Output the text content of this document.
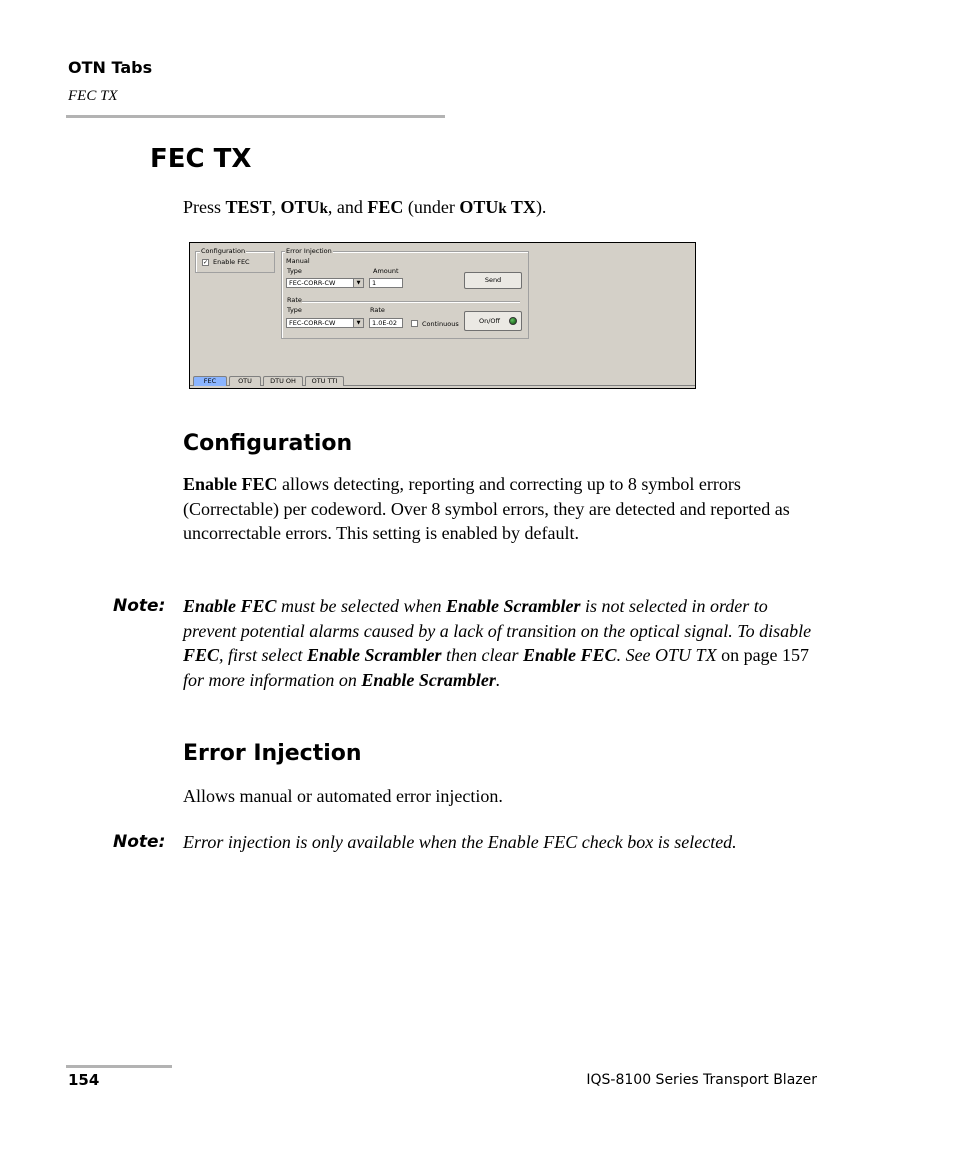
OTN Tabs
FEC TX
FEC TX
Press TEST, OTUk, and FEC (under OTUk TX).
Configuration
✓ Enable FEC
Error Injection
Manual
Type	Amount
FEC-CORR-CW	▼	1	Send
Rate
Type	Rate
FEC-CORR-CW	▼	1.0E-02	Continuous	On/Off
FEC	OTU	DTU OH	OTU TTI
Configuration
Enable FEC allows detecting, reporting and correcting up to 8 symbol errors (Correctable) per codeword. Over 8 symbol errors, they are detected and reported as uncorrectable errors. This setting is enabled by default.
Note: Enable FEC must be selected when Enable Scrambler is not selected in order to prevent potential alarms caused by a lack of transition on the optical signal. To disable FEC, first select Enable Scrambler then clear Enable FEC. See OTU TX on page 157 for more information on Enable Scrambler.
Error Injection
Allows manual or automated error injection.
Note: Error injection is only available when the Enable FEC check box is selected.
154	IQS-8100 Series Transport Blazer
